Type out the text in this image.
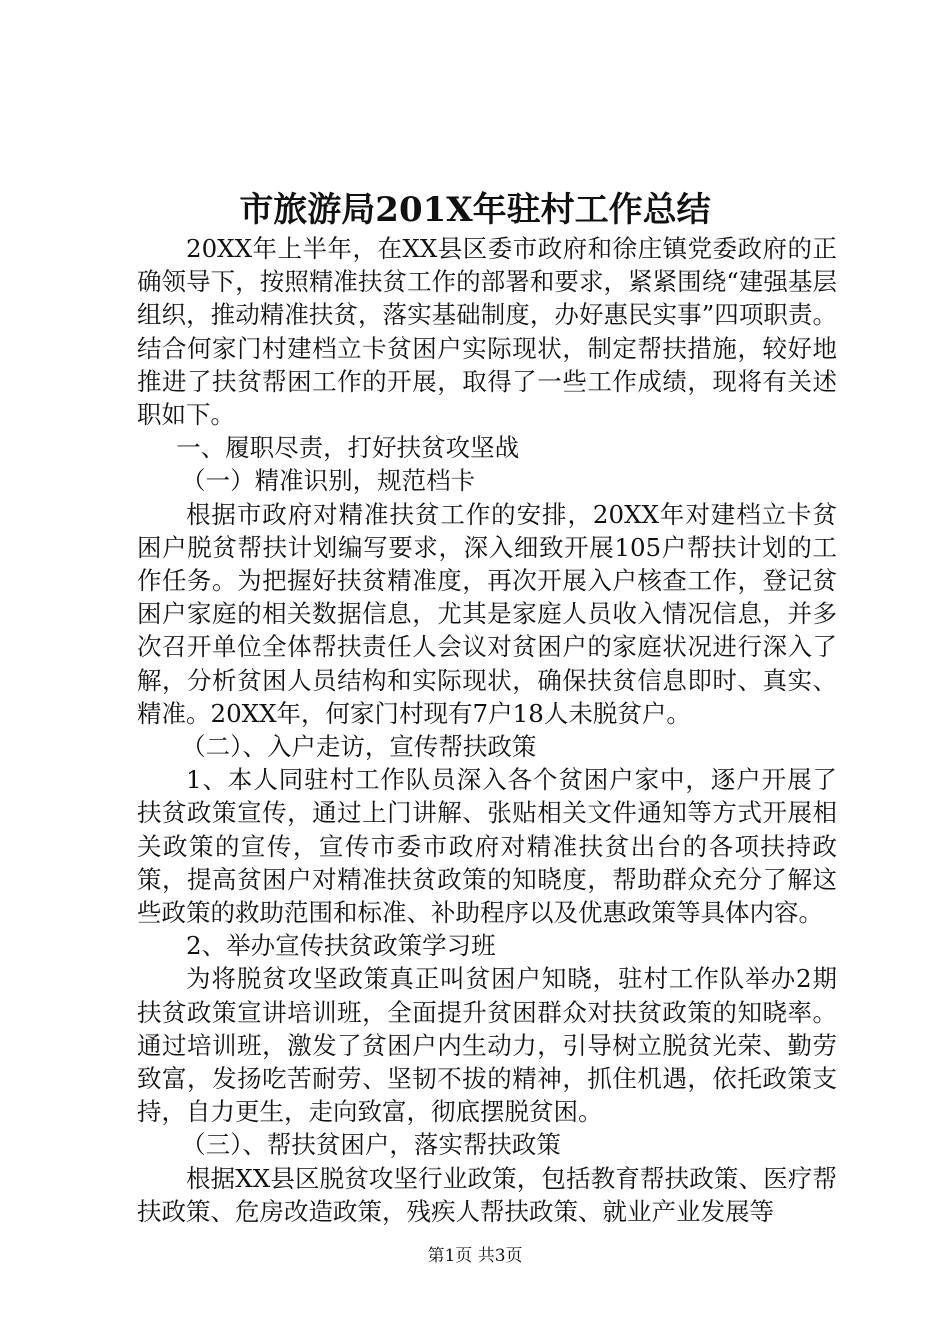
市旅游局201X年驻村工作总结

20XX年上半年，在XX县区委市政府和徐庄镇党委政府的正确领导下，按照精准扶贫工作的部署和要求，紧紧围绕“建强基层组织，推动精准扶贫，落实基础制度，办好惠民实事”四项职责。结合何家门村建档立卡贫困户实际现状，制定帮扶措施，较好地推进了扶贫帮困工作的开展，取得了一些工作成绩，现将有关述职如下。

一、履职尽责，打好扶贫攻坚战

（一）精准识别，规范档卡

根据市政府对精准扶贫工作的安排，20XX年对建档立卡贫困户脱贫帮扶计划编写要求，深入细致开展105户帮扶计划的工作任务。为把握好扶贫精准度，再次开展入户核查工作，登记贫困户家庭的相关数据信息，尤其是家庭人员收入情况信息，并多次召开单位全体帮扶责任人会议对贫困户的家庭状况进行深入了解，分析贫困人员结构和实际现状，确保扶贫信息即时、真实、精准。20XX年，何家门村现有7户18人未脱贫户。

（二）、入户走访，宣传帮扶政策

1、本人同驻村工作队员深入各个贫困户家中，逐户开展了扶贫政策宣传，通过上门讲解、张贴相关文件通知等方式开展相关政策的宣传，宣传市委市政府对精准扶贫出台的各项扶持政策，提高贫困户对精准扶贫政策的知晓度，帮助群众充分了解这些政策的救助范围和标准、补助程序以及优惠政策等具体内容。

2、举办宣传扶贫政策学习班

为将脱贫攻坚政策真正叫贫困户知晓，驻村工作队举办2期扶贫政策宣讲培训班，全面提升贫困群众对扶贫政策的知晓率。通过培训班，激发了贫困户内生动力，引导树立脱贫光荣、勤劳致富，发扬吃苦耐劳、坚韧不拔的精神，抓住机遇，依托政策支持，自力更生，走向致富，彻底摆脱贫困。

（三）、帮扶贫困户，落实帮扶政策

根据XX县区脱贫攻坚行业政策，包括教育帮扶政策、医疗帮扶政策、危房改造政策，残疾人帮扶政策、就业产业发展等

第1页 共3页
